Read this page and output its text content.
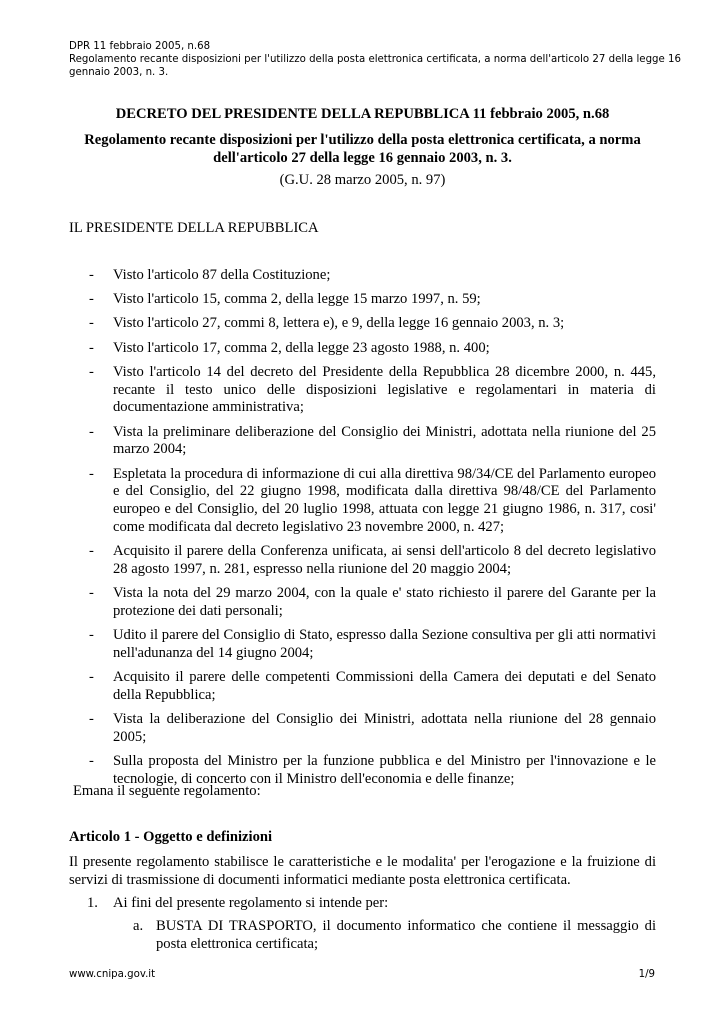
DPR 11 febbraio 2005, n.68
Regolamento recante disposizioni per l'utilizzo della posta elettronica certificata, a norma dell'articolo 27 della legge 16
gennaio 2003, n. 3.
DECRETO DEL PRESIDENTE DELLA REPUBBLICA 11 febbraio 2005, n.68
Regolamento recante disposizioni per l'utilizzo della posta elettronica certificata, a norma dell'articolo 27 della legge 16 gennaio 2003, n. 3.
(G.U. 28 marzo 2005, n. 97)
IL PRESIDENTE DELLA REPUBBLICA
- Visto l'articolo 87 della Costituzione;
- Visto l'articolo 15, comma 2, della legge 15 marzo 1997, n. 59;
- Visto l'articolo 27, commi 8, lettera e), e 9, della legge 16 gennaio 2003, n. 3;
- Visto l'articolo 17, comma 2, della legge 23 agosto 1988, n. 400;
- Visto l'articolo 14 del decreto del Presidente della Repubblica 28 dicembre 2000, n. 445, recante il testo unico delle disposizioni legislative e regolamentari in materia di documentazione amministrativa;
- Vista la preliminare deliberazione del Consiglio dei Ministri, adottata nella riunione del 25 marzo 2004;
- Espletata la procedura di informazione di cui alla direttiva 98/34/CE del Parlamento europeo e del Consiglio, del 22 giugno 1998, modificata dalla direttiva 98/48/CE del Parlamento europeo e del Consiglio, del 20 luglio 1998, attuata con legge 21 giugno 1986, n. 317, cosi' come modificata dal decreto legislativo 23 novembre 2000, n. 427;
- Acquisito il parere della Conferenza unificata, ai sensi dell'articolo 8 del decreto legislativo 28 agosto 1997, n. 281, espresso nella riunione del 20 maggio 2004;
- Vista la nota del 29 marzo 2004, con la quale e' stato richiesto il parere del Garante per la protezione dei dati personali;
- Udito il parere del Consiglio di Stato, espresso dalla Sezione consultiva per gli atti normativi nell'adunanza del 14 giugno 2004;
- Acquisito il parere delle competenti Commissioni della Camera dei deputati e del Senato della Repubblica;
- Vista la deliberazione del Consiglio dei Ministri, adottata nella riunione del 28 gennaio 2005;
- Sulla proposta del Ministro per la funzione pubblica e del Ministro per l'innovazione e le tecnologie, di concerto con il Ministro dell'economia e delle finanze;
Emana il seguente regolamento:
Articolo 1 - Oggetto e definizioni
Il presente regolamento stabilisce le caratteristiche e le modalita' per l'erogazione e la fruizione di servizi di trasmissione di documenti informatici mediante posta elettronica certificata.
1. Ai fini del presente regolamento si intende per:
a. BUSTA DI TRASPORTO, il documento informatico che contiene il messaggio di posta elettronica certificata;
www.cnipa.gov.it	1/9
